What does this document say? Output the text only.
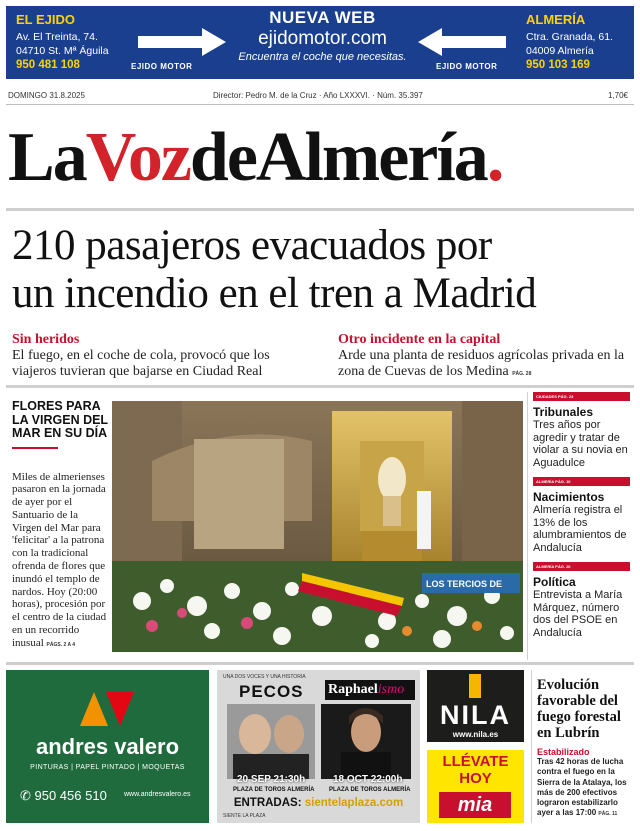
EL EJIDO
Av. El Treinta, 74.
04710 St. Mª Águila
950 481 108
NUEVA WEB
ejidomotor.com
Encuentra el coche que necesitas.
EJIDO MOTOR	EJIDO MOTOR
ALMERÍA
Ctra. Granada, 61.
04009 Almería
950 103 169
DOMINGO 31.8.2025	Director: Pedro M. de la Cruz · Año LXXXVI. · Núm. 35.397	1,70€
LaVozdeAlmería.
210 pasajeros evacuados por
un incendio en el tren a Madrid
Sin heridos
El fuego, en el coche de cola, provocó que los viajeros tuvieran que bajarse en Ciudad Real
Otro incidente en la capital
Arde una planta de residuos agrícolas privada en la zona de Cuevas de los Medina PÁG. 28
FLORES PARA LA VIRGEN DEL MAR EN SU DÍA
Miles de almerienses pasaron en la jornada de ayer por el Santuario de la Virgen del Mar para 'felicitar' a la patrona con la tradicional ofrenda de flores que inundó el templo de nardos. Hoy (20:00 horas), procesión por el centro de la ciudad en un recorrido inusual PÁGS. 2 A 4
LOS TERCIOS DE
CIUDADES PÁG. 23
Tribunales
Tres años por agredir y tratar de violar a su novia en Aguadulce
ALMERÍA PÁG. 10
Nacimientos
Almería registra el 13% de los alumbramientos de Andalucía
ALMERÍA PÁG. 20
Política
Entrevista a María Márquez, número dos del PSOE en Andalucía
andres valero
PINTURAS | PAPEL PINTADO | MOQUETAS
✆ 950 456 510 www.andresvalero.es
UNA DOS VOCES Y UNA HISTORIA
PECOS Raphaelismo
20 SEP 21:30h	18 OCT 22:00h
PLAZA DE TOROS ALMERÍA PLAZA DE TOROS ALMERÍA
ENTRADAS: sientelaplaza.com
SIENTE LA PLAZA
NILA
www.nila.es
LLÉVATE
HOY
mia
Evolución favorable del fuego forestal en Lubrín
Estabilizado
Tras 42 horas de lucha contra el fuego en la Sierra de la Atalaya, los más de 200 efectivos lograron estabilizarlo ayer a las 17:00 PÁG. 11
